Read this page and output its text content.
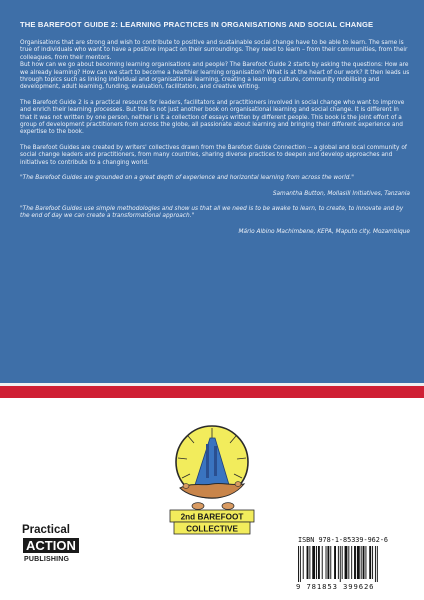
THE BAREFOOT GUIDE 2: LEARNING PRACTICES IN ORGANISATIONS AND SOCIAL CHANGE

Organisations that are strong and wish to contribute to positive and sustainable social change have to be able to learn. The same is true of individuals who want to have a positive impact on their surroundings. They need to learn – from their communities, from their colleagues, from their mentors.

But how can we go about becoming learning organisations and people? The Barefoot Guide 2 starts by asking the questions: How are we already learning? How can we start to become a healthier learning organisation? What is at the heart of our work? It then leads us through topics such as linking individual and organisational learning, creating a learning culture, community mobilising and development, adult learning, funding, evaluation, facilitation, and creative writing.

The Barefoot Guide 2 is a practical resource for leaders, facilitators and practitioners involved in social change who want to improve and enrich their learning processes. But this is not just another book on organisational learning and social change. It is different in that it was not written by one person, neither is it a collection of essays written by different people. This book is the joint effort of a group of development practitioners from across the globe, all passionate about learning and bringing their different experience and expertise to the book.

The Barefoot Guides are created by writers' collectives drawn from the Barefoot Guide Connection -- a global and local community of social change leaders and practitioners, from many countries, sharing diverse practices to deepen and develop approaches and initiatives to contribute to a changing world.

"The Barefoot Guides are grounded on a great depth of experience and horizontal learning from across the world."

Samantha Button, Mollasili Initiatives, Tanzania

"The Barefoot Guides use simple methodologies and show us that all we need is to be awake to learn, to create, to innovate and by the end of day we can create a transformational approach."

Mário Albino Machimbene, KEPA, Maputo city, Mozambique

2nd BAREFOOT
COLLECTIVE
Practical
ACTION
PUBLISHING
ISBN 978-1-85339-962-6
9 781853 399626
